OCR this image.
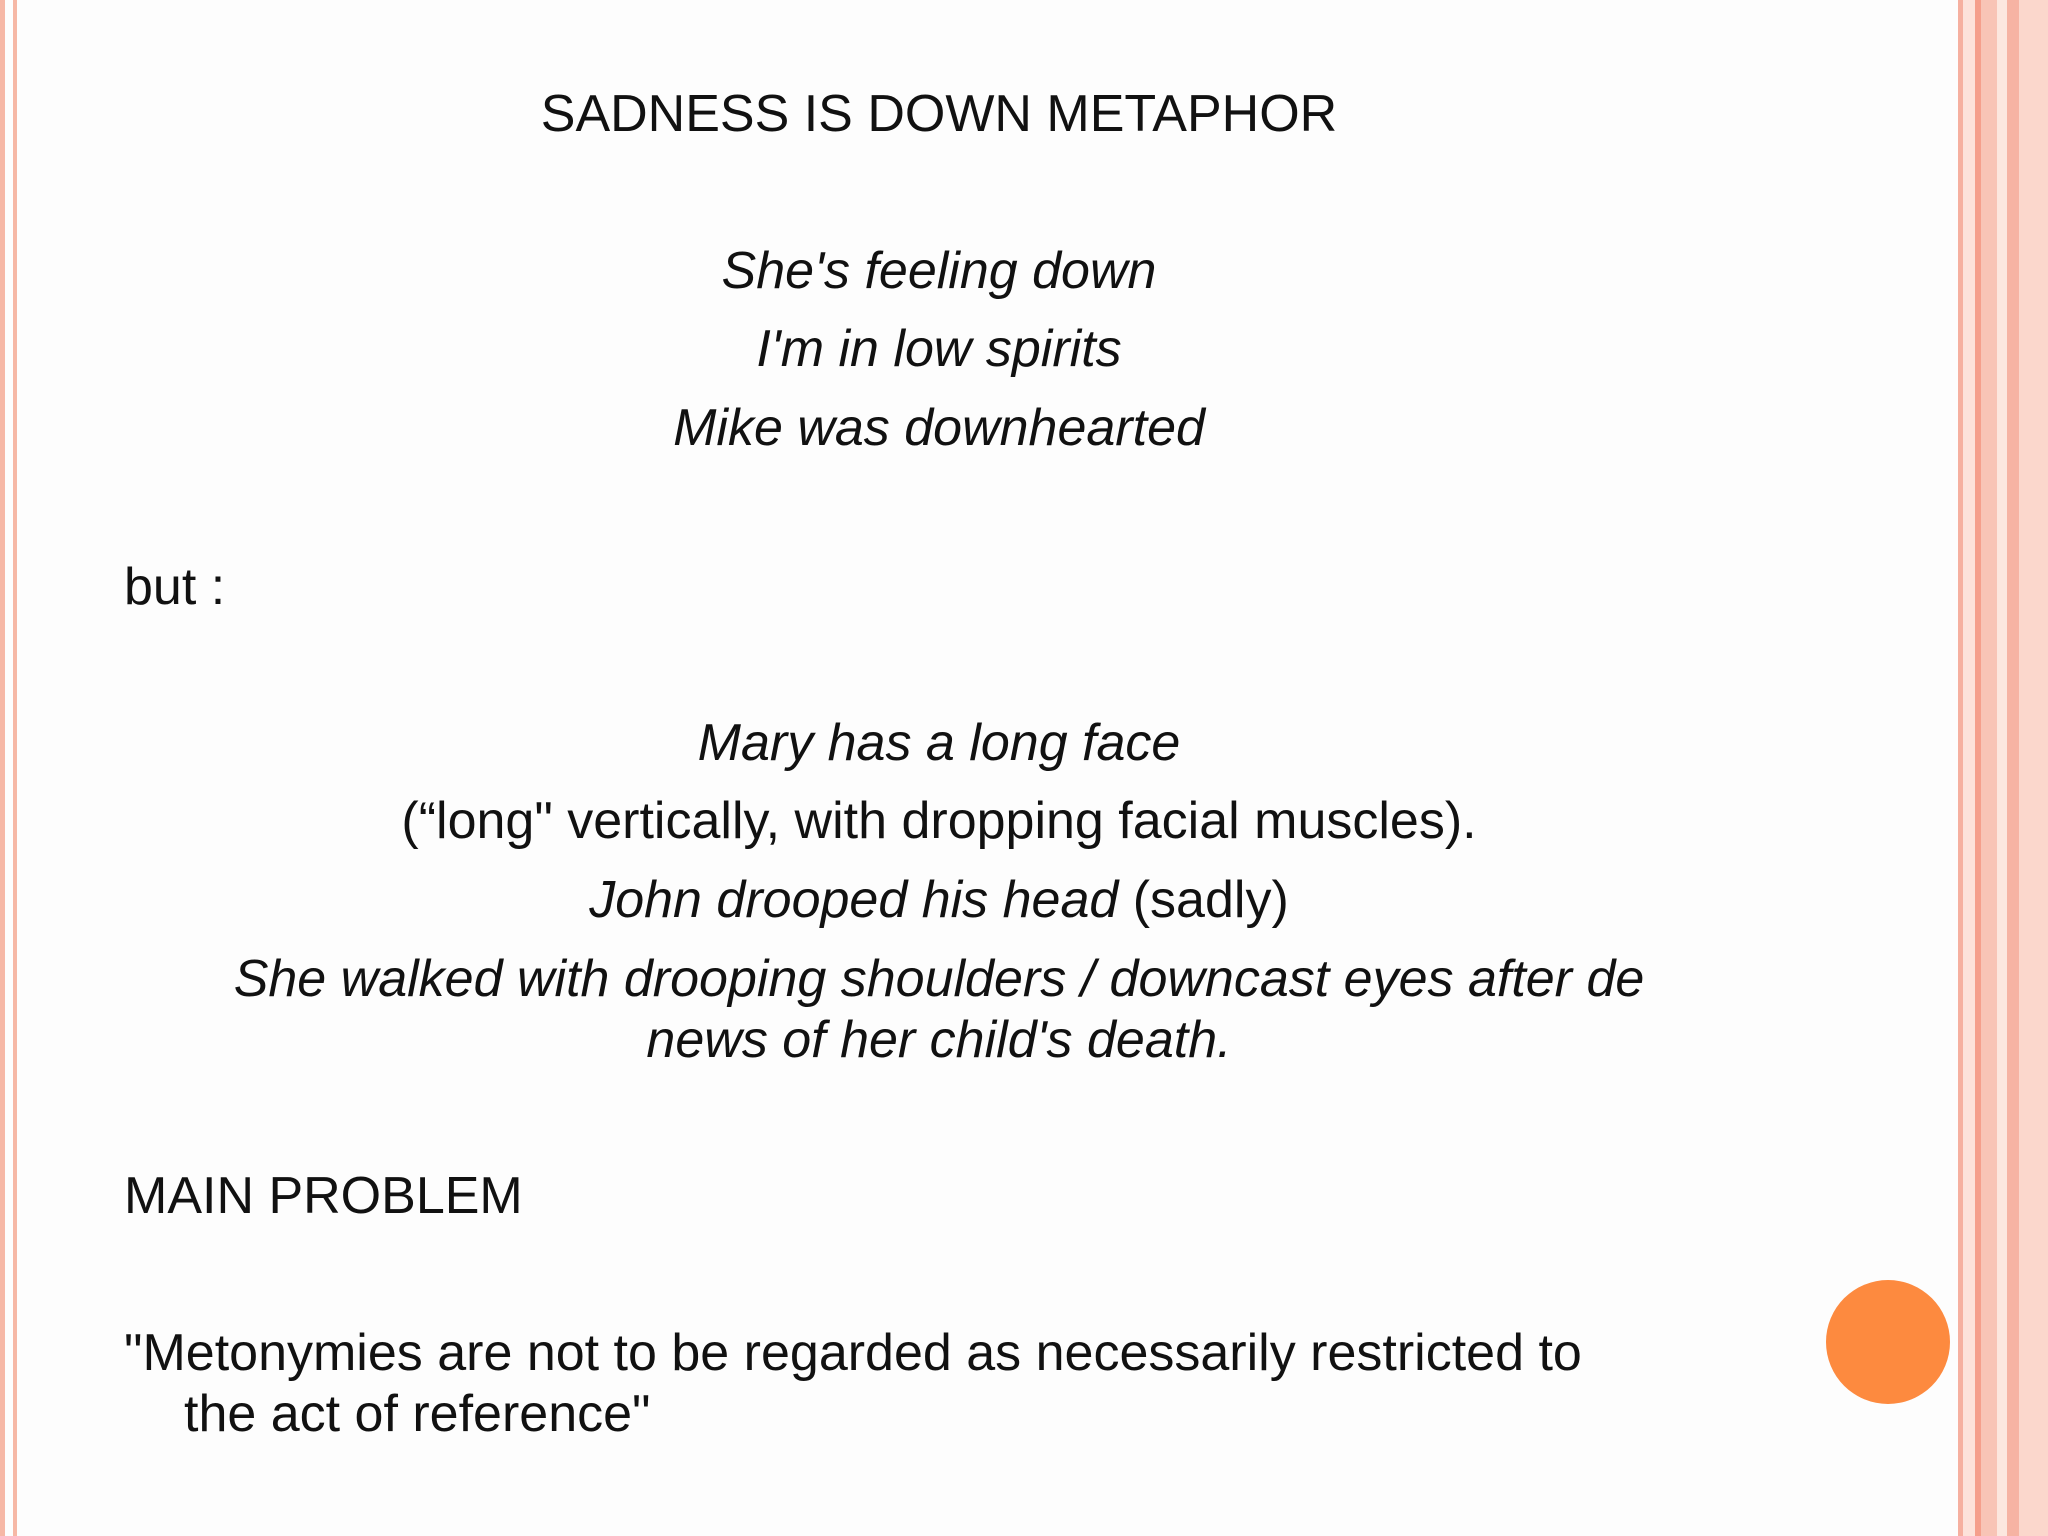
SADNESS IS DOWN METAPHOR

She's feeling down

I'm in low spirits

Mike was downhearted

but :

Mary has a long face

(“long" vertically, with dropping facial muscles).

John drooped his head (sadly)

She walked with drooping shoulders / downcast eyes after de

news of her child's death.

MAIN PROBLEM

"Metonymies are not to be regarded as necessarily restricted to

the act of reference"
